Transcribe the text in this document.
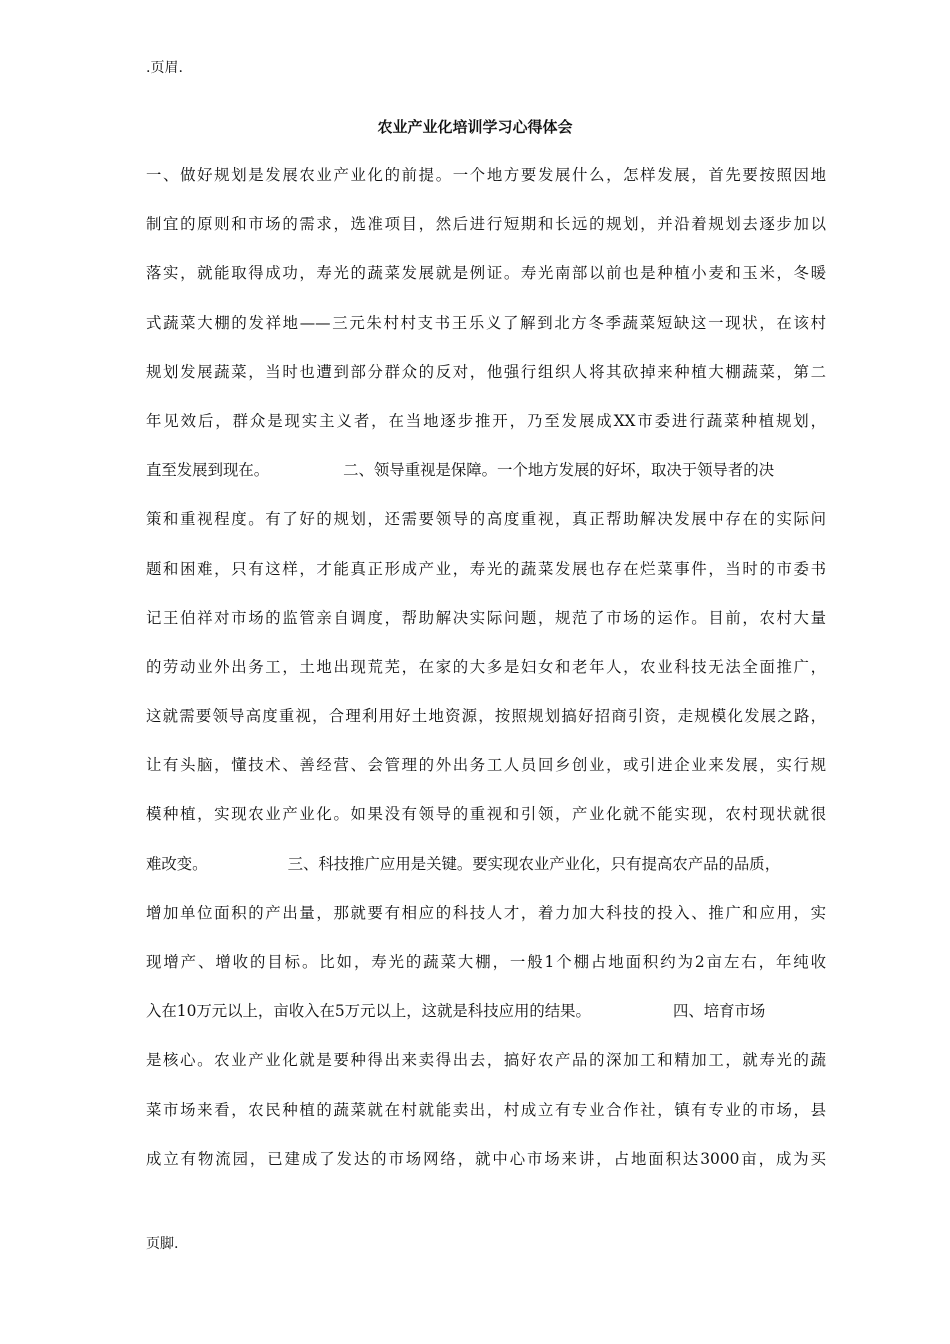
.页眉.
农业产业化培训学习心得体会
一、做好规划是发展农业产业化的前提。一个地方要发展什么，怎样发展，首先要按照因地
制宜的原则和市场的需求，选准项目，然后进行短期和长远的规划，并沿着规划去逐步加以
落实，就能取得成功，寿光的蔬菜发展就是例证。寿光南部以前也是种植小麦和玉米，冬暖
式蔬菜大棚的发祥地——三元朱村村支书王乐义了解到北方冬季蔬菜短缺这一现状，在该村
规划发展蔬菜，当时也遭到部分群众的反对，他强行组织人将其砍掉来种植大棚蔬菜，第二
年见效后，群众是现实主义者，在当地逐步推开，乃至发展成XX市委进行蔬菜种植规划，
直至发展到现在。	二、领导重视是保障。一个地方发展的好坏，取决于领导者的决
策和重视程度。有了好的规划，还需要领导的高度重视，真正帮助解决发展中存在的实际问
题和困难，只有这样，才能真正形成产业，寿光的蔬菜发展也存在烂菜事件，当时的市委书
记王伯祥对市场的监管亲自调度，帮助解决实际问题，规范了市场的运作。目前，农村大量
的劳动业外出务工，土地出现荒芜，在家的大多是妇女和老年人，农业科技无法全面推广，
这就需要领导高度重视，合理利用好土地资源，按照规划搞好招商引资，走规模化发展之路，
让有头脑，懂技术、善经营、会管理的外出务工人员回乡创业，或引进企业来发展，实行规
模种植，实现农业产业化。如果没有领导的重视和引领，产业化就不能实现，农村现状就很
难改变。	三、科技推广应用是关键。要实现农业产业化，只有提高农产品的品质，
增加单位面积的产出量，那就要有相应的科技人才，着力加大科技的投入、推广和应用，实
现增产、增收的目标。比如，寿光的蔬菜大棚，一般1个棚占地面积约为2亩左右，年纯收
入在10万元以上，亩收入在5万元以上，这就是科技应用的结果。	四、培育市场
是核心。农业产业化就是要种得出来卖得出去，搞好农产品的深加工和精加工，就寿光的蔬
菜市场来看，农民种植的蔬菜就在村就能卖出，村成立有专业合作社，镇有专业的市场，县
成立有物流园，已建成了发达的市场网络，就中心市场来讲，占地面积达3000亩，成为买
页脚.
